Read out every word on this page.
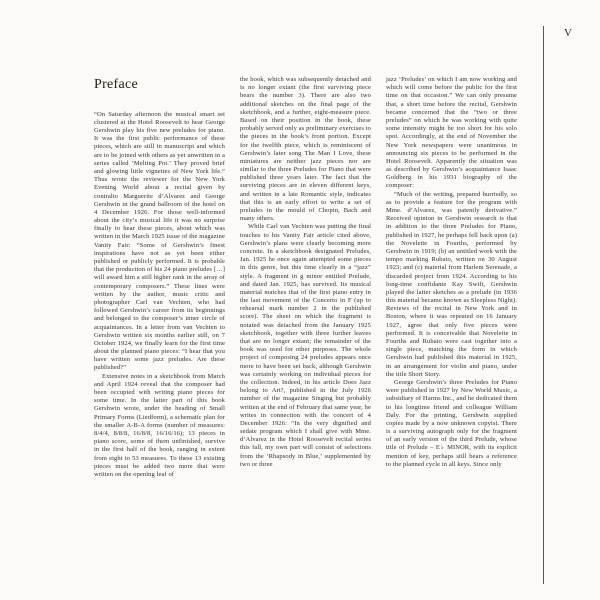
V
Preface

“On Saturday afternoon the musical smart set clustered at the Hotel Roosevelt to hear George Gershwin play his five new preludes for piano. It was the first public performance of these pieces, which are still in manuscript and which are to be joined with others as yet unwritten in a series called ‘Melting Pot.’ They proved brief and glowing little vignettes of New York life.” Thus wrote the reviewer for the New York Evening World about a recital given by contralto Marguerite d’Alvarez and George Gershwin in the grand ballroom of the hotel on 4 December 1926. For those well-informed about the city’s musical life it was no surprise finally to hear these pieces, about which was written in the March 1925 issue of the magazine Vanity Fair: “Some of Gershwin’s finest inspirations have not as yet been either published or publicly performed. It is probable that the production of his 24 piano preludes […] will award him a still higher rank in the array of contemporary composers.” These lines were written by the author, music critic and photographer Carl van Vechten, who had followed Gershwin’s career from its beginnings and belonged to the composer’s inner circle of acquaintances. In a letter from van Vechten to Gershwin written six months earlier still, on 7 October 1924, we finally learn for the first time about the planned piano pieces: “I hear that you have written some jazz preludes. Are these published?”

Extensive notes in a sketchbook from March and April 1924 reveal that the composer had been occupied with writing piano pieces for some time. In the latter part of this book Gershwin wrote, under the heading of Small Primary Forms (Liedform), a schematic plan for the smaller A-B-A forms (number of measures: 8/4/4, 8/8/8, 16/8/8, 16/16/16); 13 pieces in piano score, some of them unfinished, survive in the first half of the book, ranging in extent from eight to 53 measures. To these 13 existing pieces must be added two more that were written on the opening leaf of

the book, which was subsequently detached and is no longer extant (the first surviving piece bears the number 3). There are also two additional sketches on the final page of the sketchbook, and a further, eight-measure piece. Based on their position in the book, these probably served only as preliminary exercises to the pieces in the book’s front portion. Except for the twelfth piece, which is reminiscent of Gershwin’s later song The Man I Love, these miniatures are neither jazz pieces nor are similar to the three Preludes for Piano that were published three years later. The fact that the surviving pieces are in eleven different keys, and written in a late Romantic style, indicates that this is an early effort to write a set of preludes in the mould of Chopin, Bach and many others.

While Carl van Vechten was putting the final touches to his Vanity Fair article cited above, Gershwin’s plans were clearly becoming more concrete. In a sketchbook designated Preludes, Jan. 1925 he once again attempted some pieces in this genre, but this time clearly in a “jazz” style. A fragment in g minor entitled Prelude, and dated Jan. 1925, has survived. Its musical material matches that of the first piano entry in the last movement of the Concerto in F (up to rehearsal mark number 2 in the published score). The sheet on which the fragment is notated was detached from the January 1925 sketchbook, together with three further leaves that are no longer extant; the remainder of the book was used for other purposes. The whole project of composing 24 preludes appears once more to have been set back, although Gershwin was certainly working on individual pieces for the collection. Indeed, in his article Does Jazz belong to Art?, published in the July 1926 number of the magazine Singing but probably written at the end of February that same year, he writes in connection with the concert of 4 December 1926: “In the very dignified and sedate program which I shall give with Mme. d’Alvarez in the Hotel Roosevelt recital series this fall, my own part will consist of selections from the ‘Rhapsody in Blue,’ supplemented by two or three

jazz ‘Preludes’ on which I am now working and which will come before the public for the first time on that occasion.” We can only presume that, a short time before the recital, Gershwin became concerned that the “two or three preludes” on which he was working with quite some intensity might be too short for his solo spot. Accordingly, at the end of November the New York newspapers were unanimous in announcing six pieces to be performed in the Hotel Roosevelt. Apparently the situation was as described by Gershwin’s acquaintance Isaac Goldberg in his 1931 biography of the composer:

“Much of the writing, prepared hurriedly, so as to provide a feature for the program with Mme. d’Alvarez, was patently derivative.” Received opinion in Gershwin research is that in addition to the three Preludes for Piano, published in 1927, he perhaps fell back upon (a) the Novelette in Fourths, performed by Gershwin in 1919; (b) an untitled work with the tempo marking Rubato, written on 30 August 1923; and (c) material from Harlem Serenade, a discarded project from 1924. According to his long-time confidante Kay Swift, Gershwin played the latter sketches as a prelude (in 1936 this material became known as Sleepless Night). Reviews of the recital in New York and in Boston, where it was repeated on 16 January 1927, agree that only five pieces were performed. It is conceivable that Novelette in Fourths and Rubato were cast together into a single piece, matching the form in which Gershwin had published this material in 1925, in an arrangement for violin and piano, under the title Short Story.

George Gershwin’s three Preludes for Piano were published in 1927 by New World Music, a subsidiary of Harms Inc., and he dedicated them to his longtime friend and colleague William Daly. For the printing, Gershwin supplied copies made by a now unknown copyist. There is a surviving autograph only for the fragment of an early version of the third Prelude, whose title of Prelude – E♭ MINOR, with its explicit mention of key, perhaps still bears a reference to the planned cycle in all keys. Since only
